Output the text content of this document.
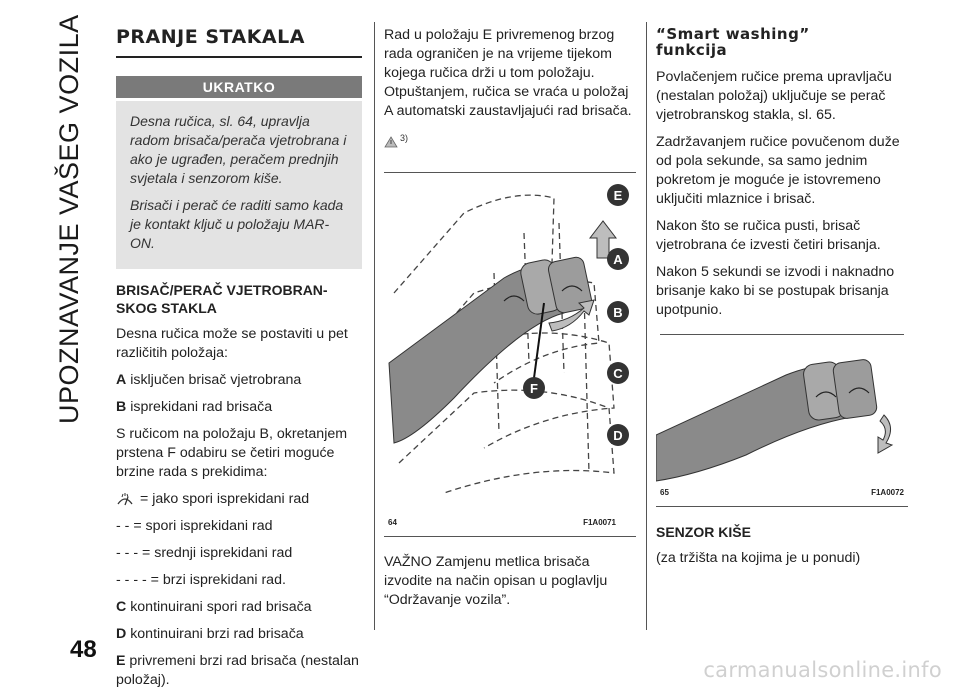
UPOZNAVANJE VAŠEG VOZILA PRANJE STAKALA
UKRATKO

Desna ručica, sl. 64, upravlja radom brisača/perača vjetrobrana i ako je ugrađen, peračem prednjih svjetala i senzorom kiše.

Brisači i perač će raditi samo kada je kontakt ključ u položaju MAR-ON.

BRISAČ/PERAČ VJETROBRAN-
SKOG STAKLA

Desna ručica može se postaviti u pet različitih položaja:

A isključen brisač vjetrobrana

B isprekidani rad brisača

S ručicom na položaju B, okretanjem prstena F odabiru se četiri moguće brzine rada s prekidima:

= jako spori isprekidani rad

- - = spori isprekidani rad

- - - = srednji isprekidani rad

- - - - = brzi isprekidani rad.

C kontinuirani spori rad brisača

D kontinuirani brzi rad brisača

E privremeni brzi rad brisača (nestalan položaj).

Rad u položaju E privremenog brzog rada ograničen je na vrijeme tijekom kojega ručica drži u tom položaju. Otpuštanjem, ručica se vraća u položaj A automatski zaustavljajući rad brisača.

3)
E
A
B
F
C
D
64	F1A0071

VAŽNO Zamjenu metlica brisača izvodite na način opisan u poglavlju “Održavanje vozila”.

“Smart washing”
funkcija

Povlačenjem ručice prema upravljaču (nestalan položaj) uključuje se perač vjetrobranskog stakla, sl. 65.

Zadržavanjem ručice povučenom duže od pola sekunde, sa samo jednim pokretom je moguće je istovremeno uključiti mlaznice i brisač.

Nakon što se ručica pusti, brisač vjetrobrana će izvesti četiri brisanja.

Nakon 5 sekundi se izvodi i naknadno brisanje kako bi se postupak brisanja upotpunio.

65	F1A0072

SENZOR KIŠE

(za tržišta na kojima je u ponudi)

48
carmanualsonline.info
